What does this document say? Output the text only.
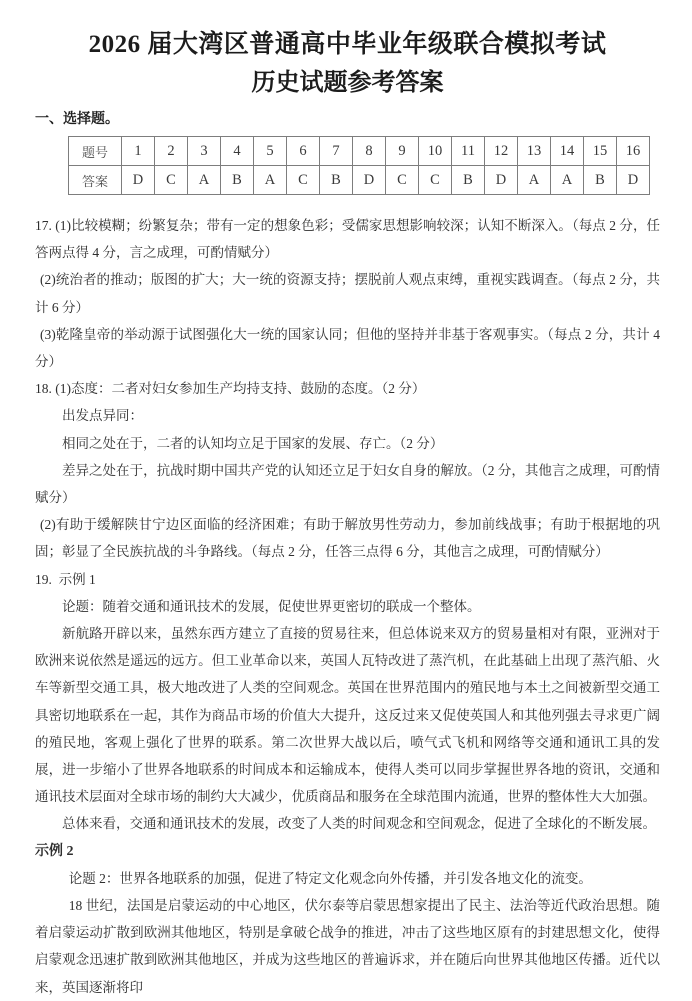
2026 届大湾区普通高中毕业年级联合模拟考试
历史试题参考答案
一、选择题。
题号	1	2	3	4	5	6	7	8	9	10	11	12	13	14	15	16
答案	D	C	A	B	A	C	B	D	C	C	B	D	A	A	B	D

17. (1)比较模糊；纷繁复杂；带有一定的想象色彩；受儒家思想影响较深；认知不断深入。（每点 2 分，任答两点得 4 分，言之成理，可酌情赋分）

(2)统治者的推动；版图的扩大；大一统的资源支持；摆脱前人观点束缚，重视实践调查。（每点 2 分，共计 6 分）

(3)乾隆皇帝的举动源于试图强化大一统的国家认同；但他的坚持并非基于客观事实。（每点 2 分，共计 4 分）

18. (1)态度：二者对妇女参加生产均持支持、鼓励的态度。（2 分）

出发点异同：

相同之处在于，二者的认知均立足于国家的发展、存亡。（2 分）

差异之处在于，抗战时期中国共产党的认知还立足于妇女自身的解放。（2 分，其他言之成理，可酌情赋分）

(2)有助于缓解陕甘宁边区面临的经济困难；有助于解放男性劳动力，参加前线战事；有助于根据地的巩固；彰显了全民族抗战的斗争路线。（每点 2 分，任答三点得 6 分，其他言之成理，可酌情赋分）

19.  示例 1

论题：随着交通和通讯技术的发展，促使世界更密切的联成一个整体。

新航路开辟以来，虽然东西方建立了直接的贸易往来，但总体说来双方的贸易量相对有限，亚洲对于欧洲来说依然是遥远的远方。但工业革命以来，英国人瓦特改进了蒸汽机，在此基础上出现了蒸汽船、火车等新型交通工具，极大地改进了人类的空间观念。英国在世界范围内的殖民地与本土之间被新型交通工具密切地联系在一起，其作为商品市场的价值大大提升，这反过来又促使英国人和其他列强去寻求更广阔的殖民地，客观上强化了世界的联系。第二次世界大战以后，喷气式飞机和网络等交通和通讯工具的发展，进一步缩小了世界各地联系的时间成本和运输成本，使得人类可以同步掌握世界各地的资讯，交通和通讯技术层面对全球市场的制约大大减少，优质商品和服务在全球范围内流通，世界的整体性大大加强。

总体来看，交通和通讯技术的发展，改变了人类的时间观念和空间观念，促进了全球化的不断发展。

示例 2

论题 2：世界各地联系的加强，促进了特定文化观念向外传播，并引发各地文化的流变。

18 世纪，法国是启蒙运动的中心地区，伏尔泰等启蒙思想家提出了民主、法治等近代政治思想。随着启蒙运动扩散到欧洲其他地区，特别是拿破仑战争的推进，冲击了这些地区原有的封建思想文化，使得启蒙观念迅速扩散到欧洲其他地区，并成为这些地区的普遍诉求，并在随后向世界其他地区传播。近代以来，英国逐渐将印
